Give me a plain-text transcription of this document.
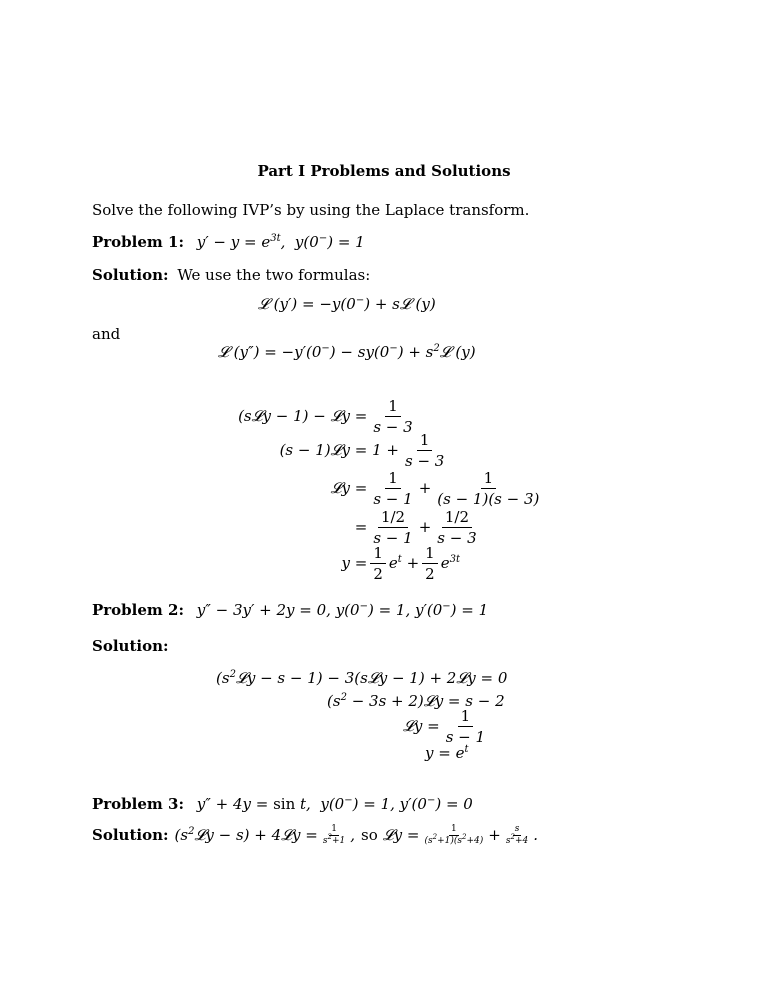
Part I Problems and Solutions
Solve the following IVP’s by using the Laplace transform.
Problem 1: $y' - y = e^{3t}$,  y(0−) = 1
Solution: We use the two formulas:
𝓛 (y′) = −y(0−) + s𝓛 (y)
and
𝓛 $(y'') = -y'(0^-) - sy(0^-) + s^2𝓛$ (y)
(s𝓛y − 1) − 𝓛y = $\frac{1}{s - 3}$
(s − 1)𝓛y = $1 + \frac{1}{s - 3}$
𝓛y = $\frac{1}{s - 1} + \frac{1}{(s - 1)(s - 3)}$
= $\frac{1/2}{s - 1} + \frac{1/2}{s - 3}$
$y = \frac{1}{2} e^t + \frac{1}{2} e^{3t}$
Problem 2: y″ − 3y′ + 2y = 0, y(0−) = 1, y′(0−) = 1
Solution:
$(s^2𝓛y - s - 1)$ − 3(s𝓛y − 1) + 2𝓛y = 0
($s^2 - 3s$ + 2)𝓛y = s − 2
𝓛y = $\frac{1}{s - 1}$
$y = e^t$
Problem 3: y″ + 4y = sin t,  y(0−) = 1, y′(0−) = 0
Solution: $(s^2𝓛y - s)$ + 4𝓛y = $\frac{1}{s^2+1}$ , so 𝓛y = $\frac{1}{(s^2+1)(s^2+4)} + \frac{s}{s^2+4}$ .
